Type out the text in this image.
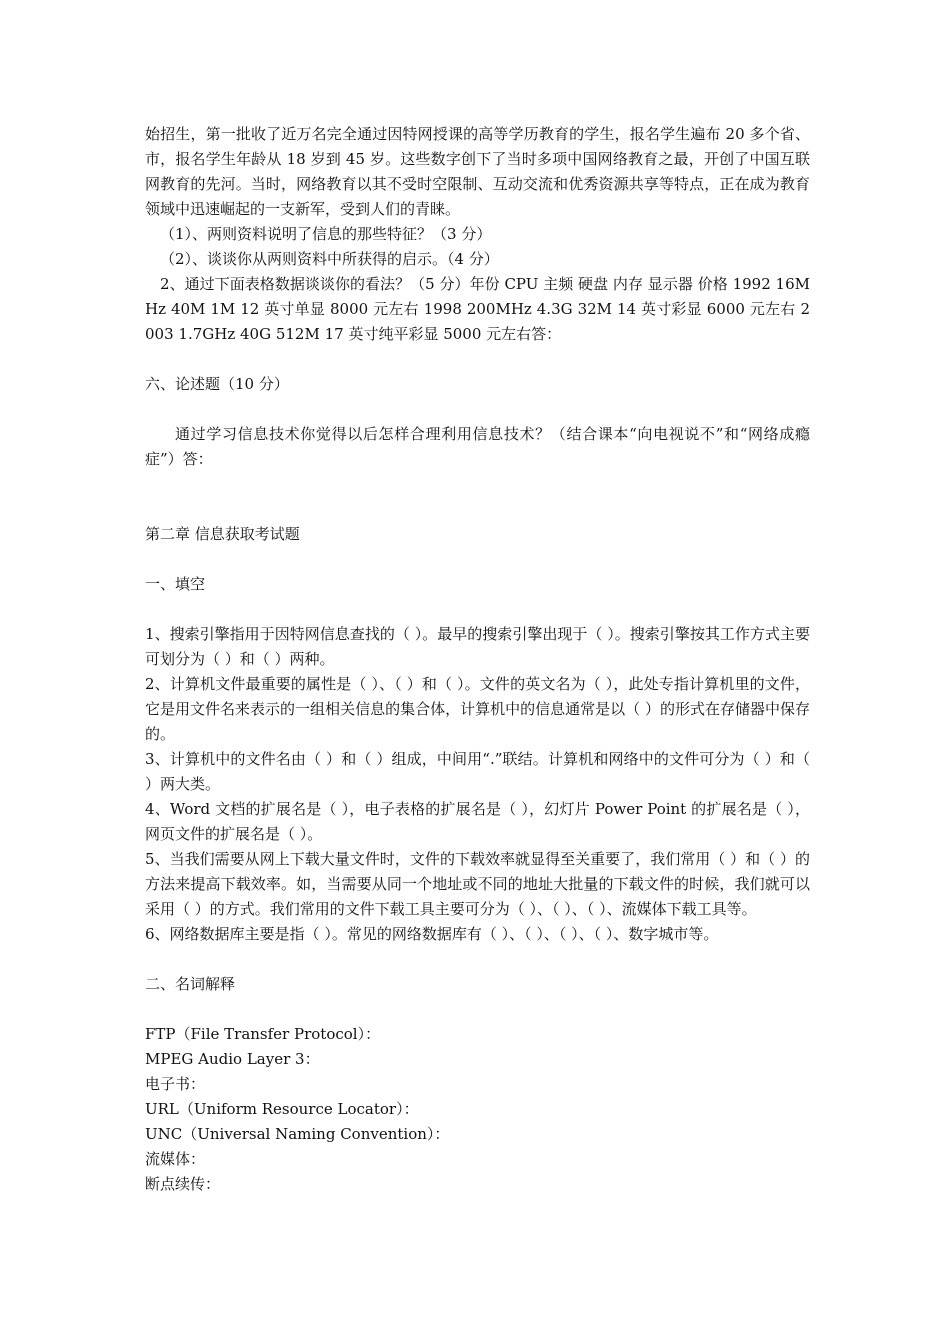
始招生，第一批收了近万名完全通过因特网授课的高等学历教育的学生，报名学生遍布 20 多个省、市，报名学生年龄从 18 岁到 45 岁。这些数字创下了当时多项中国网络教育之最，开创了中国互联网教育的先河。当时，网络教育以其不受时空限制、互动交流和优秀资源共享等特点，正在成为教育领域中迅速崛起的一支新军，受到人们的青睐。

（1）、两则资料说明了信息的那些特征？（3 分）

（2）、谈谈你从两则资料中所获得的启示。（4 分）

2、通过下面表格数据谈谈你的看法？（5 分）年份 CPU 主频 硬盘 内存 显示器 价格 1992 16MHz 40M 1M 12 英寸单显 8000 元左右 1998 200MHz 4.3G 32M 14 英寸彩显 6000 元左右 2003 1.7GHz 40G 512M 17 英寸纯平彩显 5000 元左右答：

六、论述题（10 分）

通过学习信息技术你觉得以后怎样合理利用信息技术？（结合课本“向电视说不”和“网络成瘾症”）答：

第二章 信息获取考试题

一、填空

1、搜索引擎指用于因特网信息查找的（ ）。最早的搜索引擎出现于（ ）。搜索引擎按其工作方式主要可划分为（ ）和（ ）两种。

2、计算机文件最重要的属性是（ ）、（ ）和（ ）。文件的英文名为（ ），此处专指计算机里的文件，它是用文件名来表示的一组相关信息的集合体，计算机中的信息通常是以（ ）的形式在存储器中保存的。

3、计算机中的文件名由（ ）和（ ）组成，中间用“.”联结。计算机和网络中的文件可分为（ ）和（ ）两大类。

4、Word 文档的扩展名是（ ），电子表格的扩展名是（ ），幻灯片 Power Point 的扩展名是（ ），网页文件的扩展名是（ ）。

5、当我们需要从网上下载大量文件时，文件的下载效率就显得至关重要了，我们常用（ ）和（ ）的方法来提高下载效率。如，当需要从同一个地址或不同的地址大批量的下载文件的时候，我们就可以采用（ ）的方式。我们常用的文件下载工具主要可分为（ ）、（ ）、（ ）、流媒体下载工具等。

6、网络数据库主要是指（ ）。常见的网络数据库有（ ）、（ ）、（ ）、（ ）、数字城市等。

二、名词解释

FTP（File Transfer Protocol）：

MPEG Audio Layer 3：

电子书：

URL（Uniform Resource Locator）：

UNC（Universal Naming Convention）：

流媒体：

断点续传：
